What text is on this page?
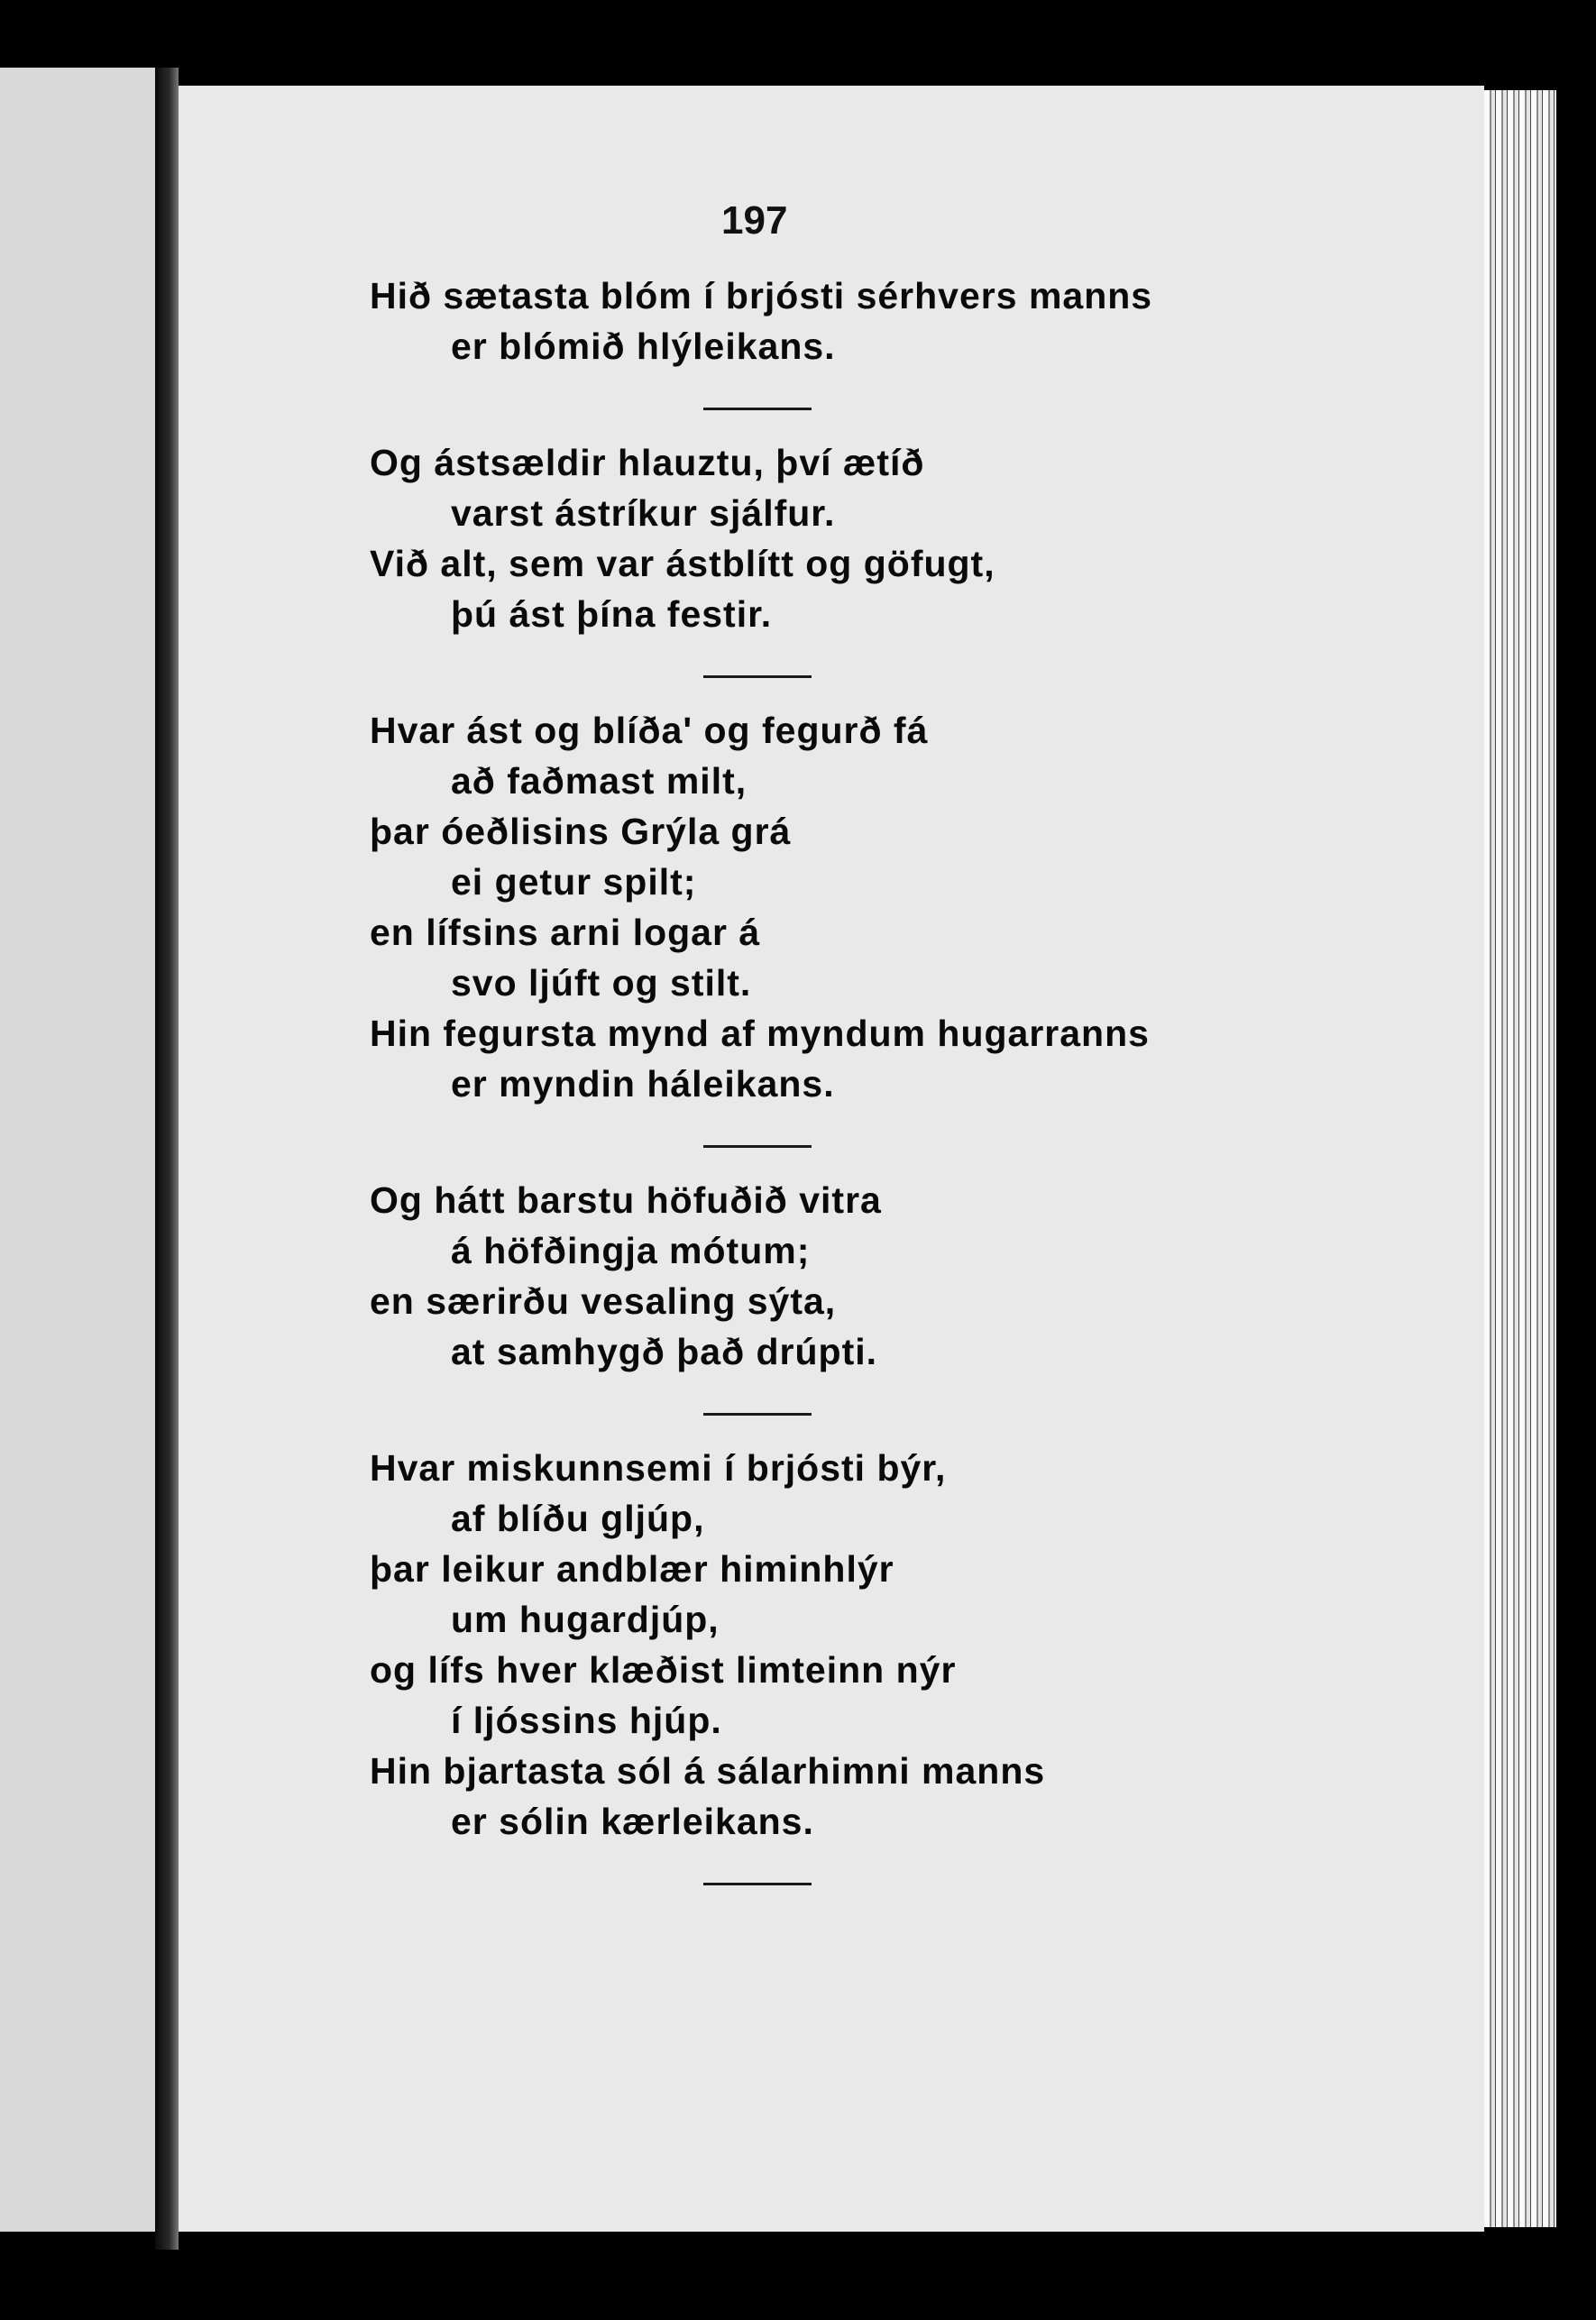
197
Hið sætasta blóm í brjósti sérhvers manns
er blómið hlýleikans.
Og ástsældir hlauztu, því ætíð
varst ástríkur sjálfur.
Við alt, sem var ástblítt og göfugt,
þú ást þína festir.
Hvar ást og blíða' og fegurð fá
að faðmast milt,
þar óeðlisins Grýla grá
ei getur spilt;
en lífsins arni logar á
svo ljúft og stilt.
Hin fegursta mynd af myndum hugarranns
er myndin háleikans.
Og hátt barstu höfuðið vitra
á höfðingja mótum;
en særirðu vesaling sýta,
at samhygð það drúpti.
Hvar miskunnsemi í brjósti býr,
af blíðu gljúp,
þar leikur andblær himinhlýr
um hugardjúp,
og lífs hver klæðist limteinn nýr
í ljóssins hjúp.
Hin bjartasta sól á sálarhimni manns
er sólin kærleikans.
